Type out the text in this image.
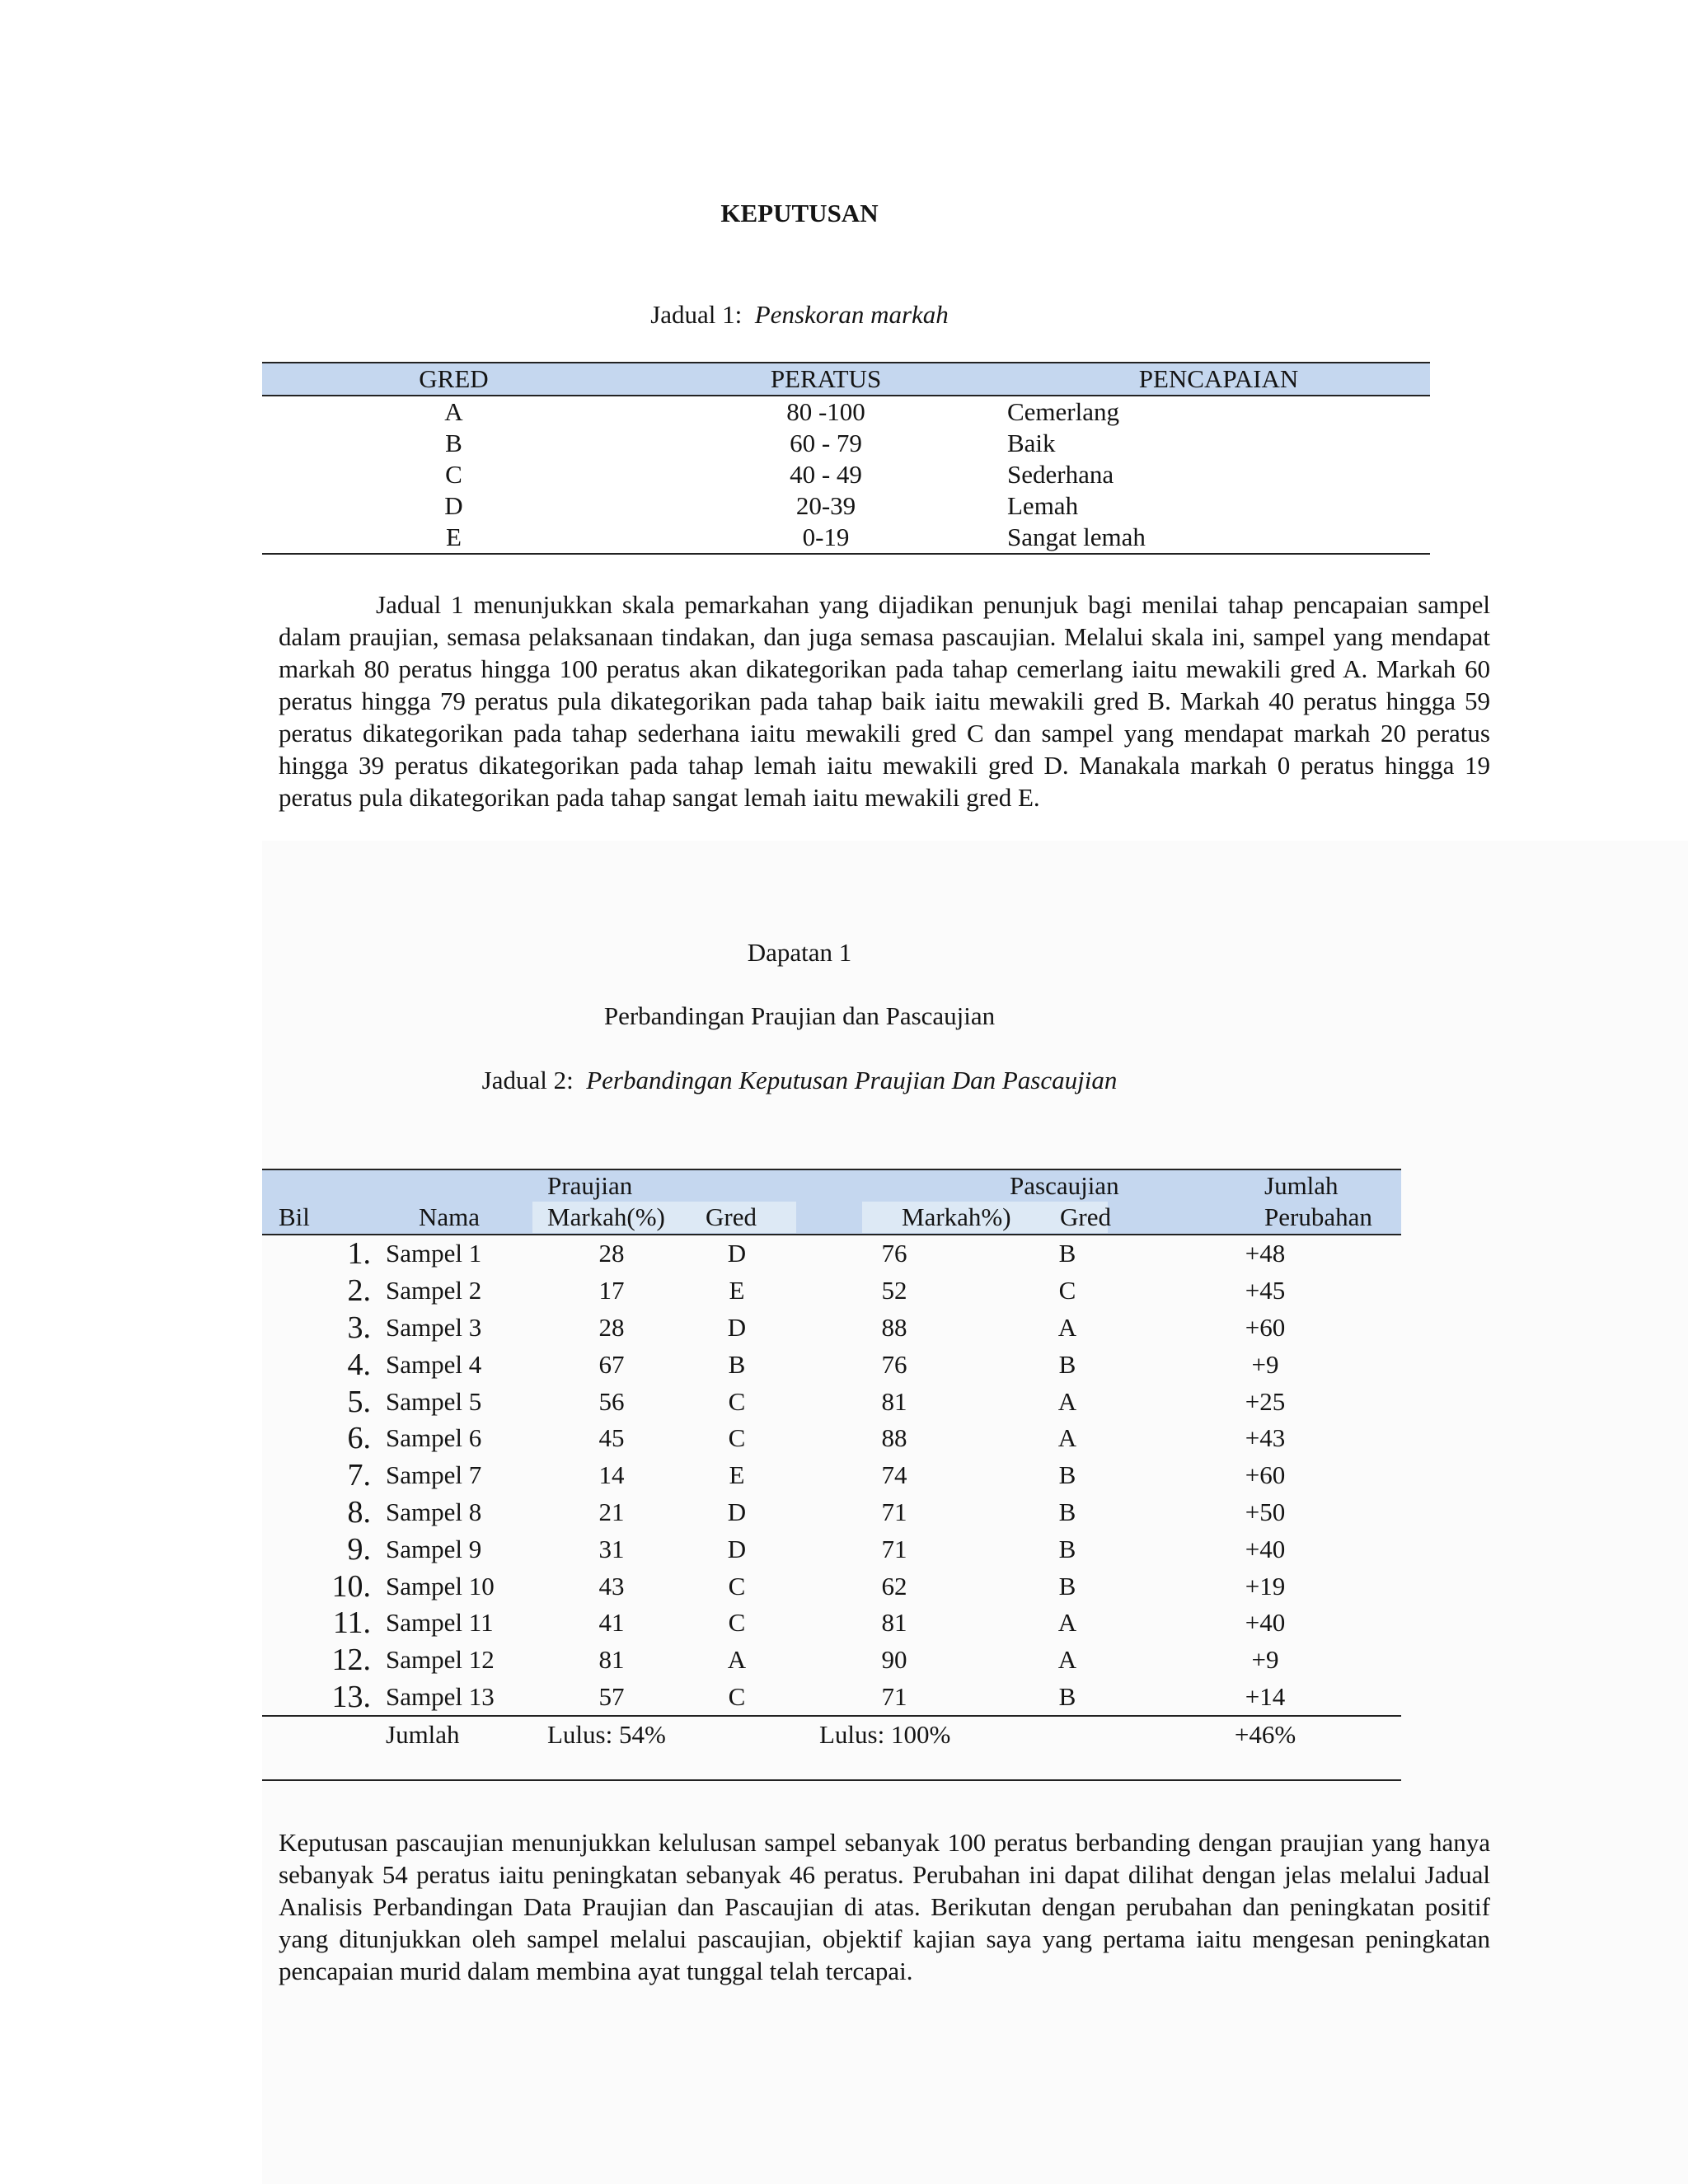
KEPUTUSAN
Jadual 1: Penskoran markah
GRED	PERATUS	PENCAPAIAN
A	80 -100	Cemerlang
B	60 - 79	Baik
C	40 - 49	Sederhana
D	20-39	Lemah
E	0-19	Sangat lemah

Jadual 1 menunjukkan skala pemarkahan yang dijadikan penunjuk bagi menilai tahap pencapaian sampel dalam praujian, semasa pelaksanaan tindakan, dan juga semasa pascaujian. Melalui skala ini, sampel yang mendapat markah 80 peratus hingga 100 peratus akan dikategorikan pada tahap cemerlang iaitu mewakili gred A. Markah 60 peratus hingga 79 peratus pula dikategorikan pada tahap baik iaitu mewakili gred B. Markah 40 peratus hingga 59 peratus dikategorikan pada tahap sederhana iaitu mewakili gred C dan sampel yang mendapat markah 20 peratus hingga 39 peratus dikategorikan pada tahap lemah iaitu mewakili gred D. Manakala markah 0 peratus hingga 19 peratus pula dikategorikan pada tahap sangat lemah iaitu mewakili gred E.

Dapatan 1
Perbandingan Praujian dan Pascaujian
Jadual 2: Perbandingan Keputusan Praujian Dan Pascaujian
Praujian	Pascaujian	Jumlah
Bil	Nama	Markah(%) Gred	Markah%) Gred	Perubahan
1.	Sampel 1	28	D	76	B	+48
2.	Sampel 2	17	E	52	C	+45
3.	Sampel 3	28	D	88	A	+60
4.	Sampel 4	67	B	76	B	+9
5.	Sampel 5	56	C	81	A	+25
6.	Sampel 6	45	C	88	A	+43
7.	Sampel 7	14	E	74	B	+60
8.	Sampel 8	21	D	71	B	+50
9.	Sampel 9	31	D	71	B	+40
10.	Sampel 10	43	C	62	B	+19
11.	Sampel 11	41	C	81	A	+40
12.	Sampel 12	81	A	90	A	+9
13.	Sampel 13	57	C	71	B	+14
	Jumlah	Lulus: 54%		Lulus: 100%		+46%

Keputusan pascaujian menunjukkan kelulusan sampel sebanyak 100 peratus berbanding dengan praujian yang hanya sebanyak 54 peratus iaitu peningkatan sebanyak 46 peratus. Perubahan ini dapat dilihat dengan jelas melalui Jadual Analisis Perbandingan Data Praujian dan Pascaujian di atas. Berikutan dengan perubahan dan peningkatan positif yang ditunjukkan oleh sampel melalui pascaujian, objektif kajian saya yang pertama iaitu mengesan peningkatan pencapaian murid dalam membina ayat tunggal telah tercapai.
